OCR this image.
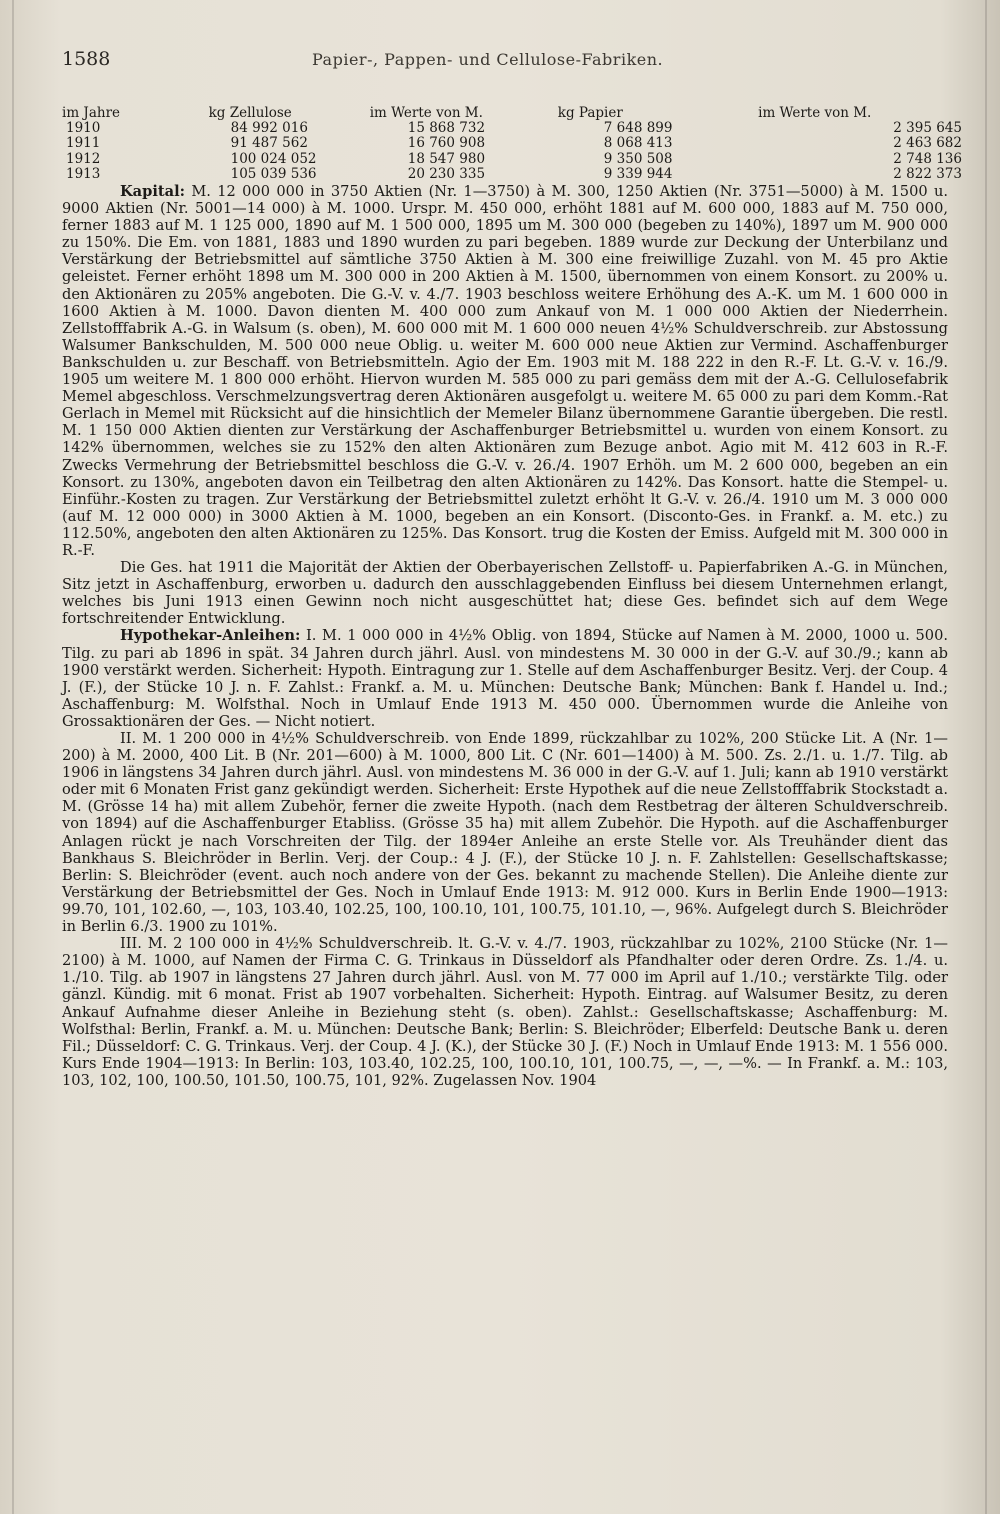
1588	Papier-, Pappen- und Cellulose-Fabriken.
im Jahre	kg Zellulose	im Werte von M.	kg Papier	im Werte von M.
1910	84 992 016	15 868 732	7 648 899	2 395 645
1911	91 487 562	16 760 908	8 068 413	2 463 682
1912	100 024 052	18 547 980	9 350 508	2 748 136
1913	105 039 536	20 230 335	9 339 944	2 822 373

Kapital: M. 12 000 000 in 3750 Aktien (Nr. 1—3750) à M. 300, 1250 Aktien (Nr. 3751—5000) à M. 1500 u. 9000 Aktien (Nr. 5001—14 000) à M. 1000. Urspr. M. 450 000, erhöht 1881 auf M. 600 000, 1883 auf M. 750 000, ferner 1883 auf M. 1 125 000, 1890 auf M. 1 500 000, 1895 um M. 300 000 (begeben zu 140%), 1897 um M. 900 000 zu 150%. Die Em. von 1881, 1883 und 1890 wurden zu pari begeben. 1889 wurde zur Deckung der Unterbilanz und Verstärkung der Betriebsmittel auf sämtliche 3750 Aktien à M. 300 eine freiwillige Zuzahl. von M. 45 pro Aktie geleistet. Ferner erhöht 1898 um M. 300 000 in 200 Aktien à M. 1500, übernommen von einem Konsort. zu 200% u. den Aktionären zu 205% angeboten. Die G.-V. v. 4./7. 1903 beschloss weitere Erhöhung des A.-K. um M. 1 600 000 in 1600 Aktien à M. 1000. Davon dienten M. 400 000 zum Ankauf von M. 1 000 000 Aktien der Niederrhein. Zellstofffabrik A.-G. in Walsum (s. oben), M. 600 000 mit M. 1 600 000 neuen 4½% Schuldverschreib. zur Abstossung Walsumer Bankschulden, M. 500 000 neue Oblig. u. weiter M. 600 000 neue Aktien zur Vermind. Aschaffenburger Bankschulden u. zur Beschaff. von Betriebsmitteln. Agio der Em. 1903 mit M. 188 222 in den R.-F. Lt. G.-V. v. 16./9. 1905 um weitere M. 1 800 000 erhöht. Hiervon wurden M. 585 000 zu pari gemäss dem mit der A.-G. Cellulosefabrik Memel abgeschloss. Verschmelzungsvertrag deren Aktionären ausgefolgt u. weitere M. 65 000 zu pari dem Komm.-Rat Gerlach in Memel mit Rücksicht auf die hinsichtlich der Memeler Bilanz übernommene Garantie übergeben. Die restl. M. 1 150 000 Aktien dienten zur Verstärkung der Aschaffenburger Betriebsmittel u. wurden von einem Konsort. zu 142% übernommen, welches sie zu 152% den alten Aktionären zum Bezuge anbot. Agio mit M. 412 603 in R.-F. Zwecks Vermehrung der Betriebsmittel beschloss die G.-V. v. 26./4. 1907 Erhöh. um M. 2 600 000, begeben an ein Konsort. zu 130%, angeboten davon ein Teilbetrag den alten Aktionären zu 142%. Das Konsort. hatte die Stempel- u. Einführ.-Kosten zu tragen. Zur Verstärkung der Betriebsmittel zuletzt erhöht lt G.-V. v. 26./4. 1910 um M. 3 000 000 (auf M. 12 000 000) in 3000 Aktien à M. 1000, begeben an ein Konsort. (Disconto-Ges. in Frankf. a. M. etc.) zu 112.50%, angeboten den alten Aktionären zu 125%. Das Konsort. trug die Kosten der Emiss. Aufgeld mit M. 300 000 in R.-F.

Die Ges. hat 1911 die Majorität der Aktien der Oberbayerischen Zellstoff- u. Papierfabriken A.-G. in München, Sitz jetzt in Aschaffenburg, erworben u. dadurch den ausschlaggebenden Einfluss bei diesem Unternehmen erlangt, welches bis Juni 1913 einen Gewinn noch nicht ausgeschüttet hat; diese Ges. befindet sich auf dem Wege fortschreitender Entwicklung.

Hypothekar-Anleihen: I. M. 1 000 000 in 4½% Oblig. von 1894, Stücke auf Namen à M. 2000, 1000 u. 500. Tilg. zu pari ab 1896 in spät. 34 Jahren durch jährl. Ausl. von mindestens M. 30 000 in der G.-V. auf 30./9.; kann ab 1900 verstärkt werden. Sicherheit: Hypoth. Eintragung zur 1. Stelle auf dem Aschaffenburger Besitz. Verj. der Coup. 4 J. (F.), der Stücke 10 J. n. F. Zahlst.: Frankf. a. M. u. München: Deutsche Bank; München: Bank f. Handel u. Ind.; Aschaffenburg: M. Wolfsthal. Noch in Umlauf Ende 1913 M. 450 000. Übernommen wurde die Anleihe von Grossaktionären der Ges. — Nicht notiert.

II. M. 1 200 000 in 4½% Schuldverschreib. von Ende 1899, rückzahlbar zu 102%, 200 Stücke Lit. A (Nr. 1—200) à M. 2000, 400 Lit. B (Nr. 201—600) à M. 1000, 800 Lit. C (Nr. 601—1400) à M. 500. Zs. 2./1. u. 1./7. Tilg. ab 1906 in längstens 34 Jahren durch jährl. Ausl. von mindestens M. 36 000 in der G.-V. auf 1. Juli; kann ab 1910 verstärkt oder mit 6 Monaten Frist ganz gekündigt werden. Sicherheit: Erste Hypothek auf die neue Zellstofffabrik Stockstadt a. M. (Grösse 14 ha) mit allem Zubehör, ferner die zweite Hypoth. (nach dem Restbetrag der älteren Schuldverschreib. von 1894) auf die Aschaffenburger Etabliss. (Grösse 35 ha) mit allem Zubehör. Die Hypoth. auf die Aschaffenburger Anlagen rückt je nach Vorschreiten der Tilg. der 1894er Anleihe an erste Stelle vor. Als Treuhänder dient das Bankhaus S. Bleichröder in Berlin. Verj. der Coup.: 4 J. (F.), der Stücke 10 J. n. F. Zahlstellen: Gesellschaftskasse; Berlin: S. Bleichröder (event. auch noch andere von der Ges. bekannt zu machende Stellen). Die Anleihe diente zur Verstärkung der Betriebsmittel der Ges. Noch in Umlauf Ende 1913: M. 912 000. Kurs in Berlin Ende 1900—1913: 99.70, 101, 102.60, —, 103, 103.40, 102.25, 100, 100.10, 101, 100.75, 101.10, —, 96%. Aufgelegt durch S. Bleichröder in Berlin 6./3. 1900 zu 101%.

III. M. 2 100 000 in 4½% Schuldverschreib. lt. G.-V. v. 4./7. 1903, rückzahlbar zu 102%, 2100 Stücke (Nr. 1—2100) à M. 1000, auf Namen der Firma C. G. Trinkaus in Düsseldorf als Pfandhalter oder deren Ordre. Zs. 1./4. u. 1./10. Tilg. ab 1907 in längstens 27 Jahren durch jährl. Ausl. von M. 77 000 im April auf 1./10.; verstärkte Tilg. oder gänzl. Kündig. mit 6 monat. Frist ab 1907 vorbehalten. Sicherheit: Hypoth. Eintrag. auf Walsumer Besitz, zu deren Ankauf Aufnahme dieser Anleihe in Beziehung steht (s. oben). Zahlst.: Gesellschaftskasse; Aschaffenburg: M. Wolfsthal: Berlin, Frankf. a. M. u. München: Deutsche Bank; Berlin: S. Bleichröder; Elberfeld: Deutsche Bank u. deren Fil.; Düsseldorf: C. G. Trinkaus. Verj. der Coup. 4 J. (K.), der Stücke 30 J. (F.) Noch in Umlauf Ende 1913: M. 1 556 000. Kurs Ende 1904—1913: In Berlin: 103, 103.40, 102.25, 100, 100.10, 101, 100.75, —, —, —%. — In Frankf. a. M.: 103, 103, 102, 100, 100.50, 101.50, 100.75, 101, 92%. Zugelassen Nov. 1904
